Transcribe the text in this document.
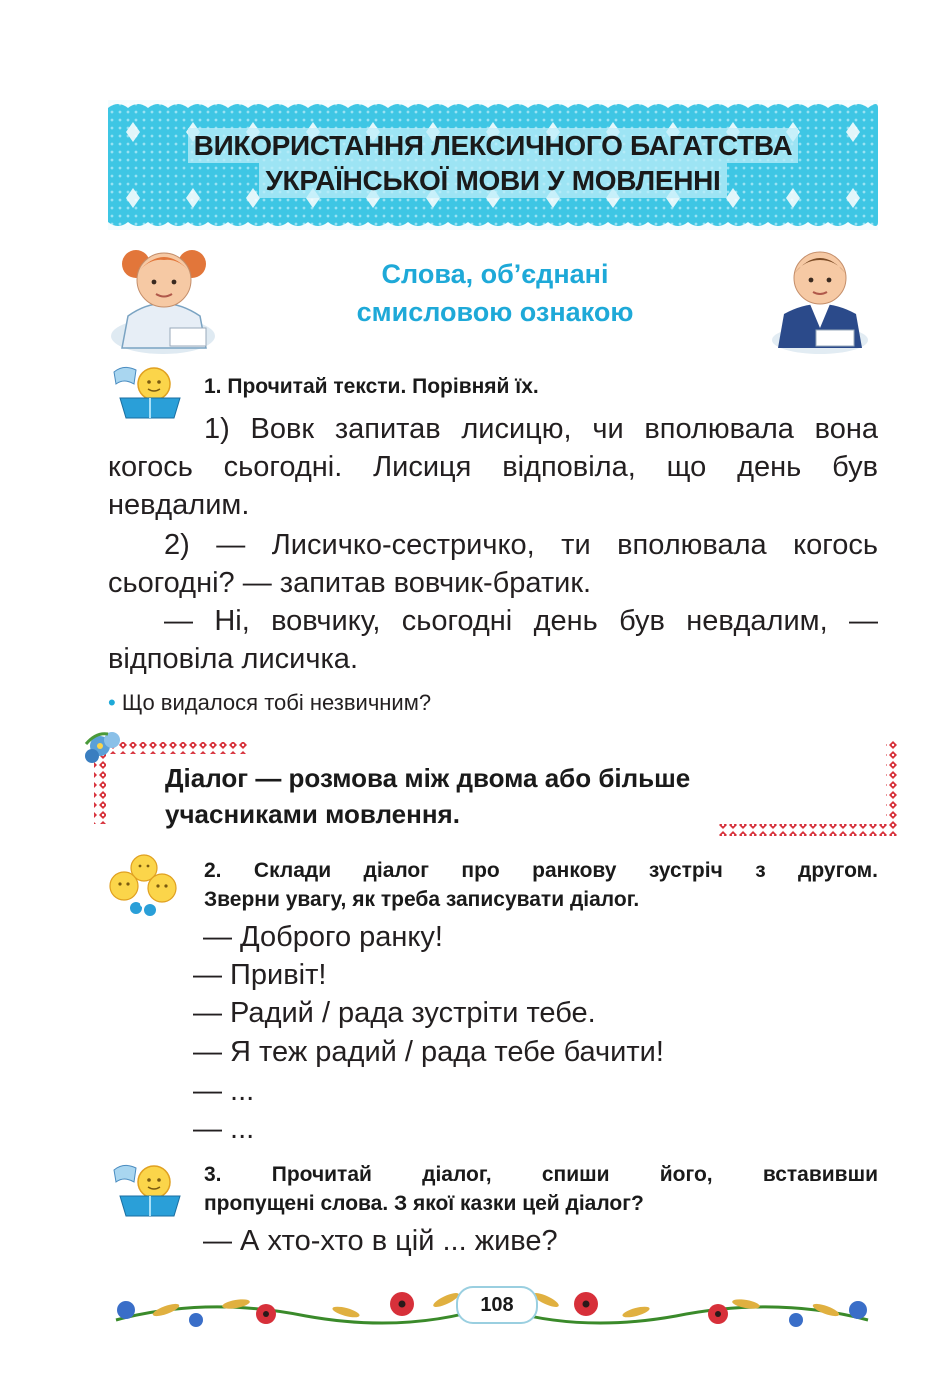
ВИКОРИСТАННЯ ЛЕКСИЧНОГО БАГАТСТВА
УКРАЇНСЬКОЇ МОВИ У МОВЛЕННІ
Слова, об’єднані
смисловою ознакою
1. Прочитай тексти. Порівняй їх.
1) Вовк запитав лисицю, чи вполювала вона
когось сьогодні. Лисиця відповіла, що день був
невдалим.
2) — Лисичко-сестричко, ти вполювала когось
сьогодні? — запитав вовчик-братик.
— Ні, вовчику, сьогодні день був невдалим, —
відповіла лисичка.
• Що видалося тобі незвичним?
Діалог — розмова між двома або більше
учасниками мовлення.
2. Склади діалог про ранкову зустріч з другом.
Зверни увагу, як треба записувати діалог.
— Доброго ранку!
— Привіт!
— Радий / рада зустріти тебе.
— Я теж радий / рада тебе бачити!
— ...
— ...
3. Прочитай діалог, спиши його, вставивши
пропущені слова. З якої казки цей діалог?
— А хто-хто в цій ... живе?
108
